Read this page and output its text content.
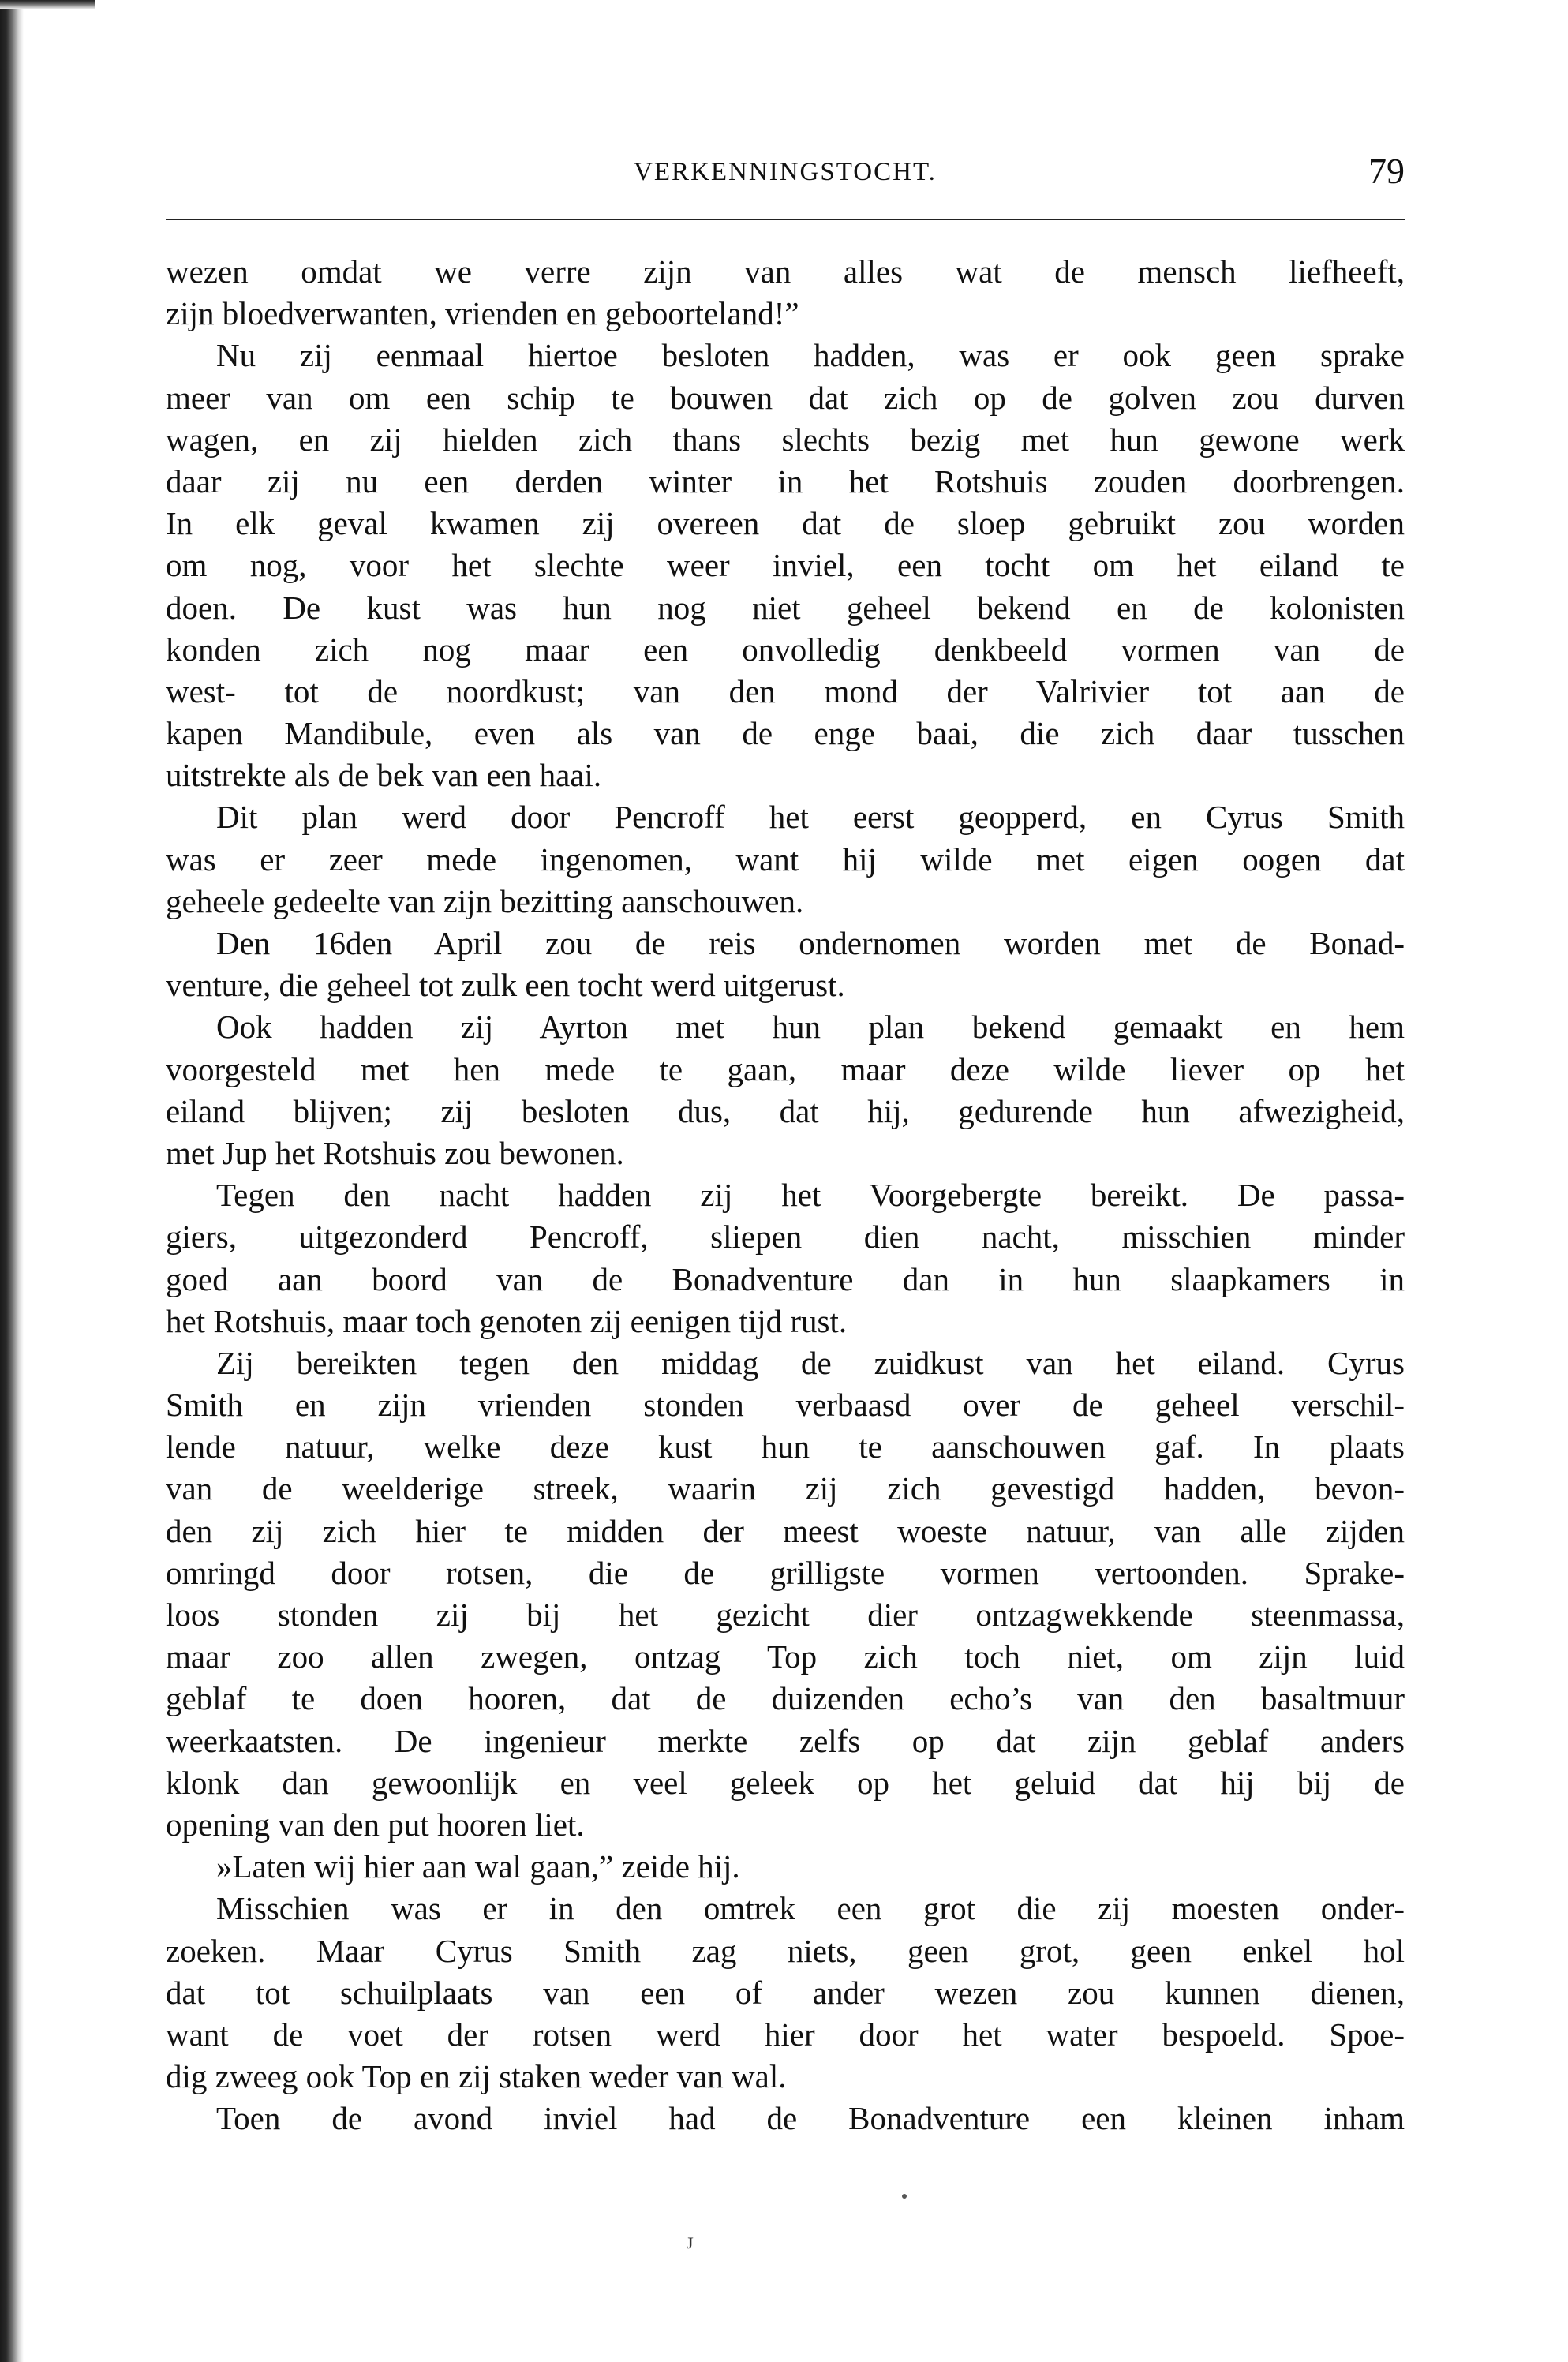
VERKENNINGSTOCHT.	79
wezen omdat we verre zijn van alles wat de mensch liefheeft,
zijn bloedverwanten, vrienden en geboorteland!”
Nu zij eenmaal hiertoe besloten hadden, was er ook geen sprake
meer van om een schip te bouwen dat zich op de golven zou durven
wagen, en zij hielden zich thans slechts bezig met hun gewone werk
daar zij nu een derden winter in het Rotshuis zouden doorbrengen.
In elk geval kwamen zij overeen dat de sloep gebruikt zou worden
om nog, voor het slechte weer inviel, een tocht om het eiland te
doen. De kust was hun nog niet geheel bekend en de kolonisten
konden zich nog maar een onvolledig denkbeeld vormen van de
west- tot de noordkust; van den mond der Valrivier tot aan de
kapen Mandibule, even als van de enge baai, die zich daar tusschen
uitstrekte als de bek van een haai.
Dit plan werd door Pencroff het eerst geopperd, en Cyrus Smith
was er zeer mede ingenomen, want hij wilde met eigen oogen dat
geheele gedeelte van zijn bezitting aanschouwen.
Den 16den April zou de reis ondernomen worden met de Bonad-
venture, die geheel tot zulk een tocht werd uitgerust.
Ook hadden zij Ayrton met hun plan bekend gemaakt en hem
voorgesteld met hen mede te gaan, maar deze wilde liever op het
eiland blijven; zij besloten dus, dat hij, gedurende hun afwezigheid,
met Jup het Rotshuis zou bewonen.
Tegen den nacht hadden zij het Voorgebergte bereikt. De passa-
giers, uitgezonderd Pencroff, sliepen dien nacht, misschien minder
goed aan boord van de Bonadventure dan in hun slaapkamers in
het Rotshuis, maar toch genoten zij eenigen tijd rust.
Zij bereikten tegen den middag de zuidkust van het eiland. Cyrus
Smith en zijn vrienden stonden verbaasd over de geheel verschil-
lende natuur, welke deze kust hun te aanschouwen gaf. In plaats
van de weelderige streek, waarin zij zich gevestigd hadden, bevon-
den zij zich hier te midden der meest woeste natuur, van alle zijden
omringd door rotsen, die de grilligste vormen vertoonden. Sprake-
loos stonden zij bij het gezicht dier ontzagwekkende steenmassa,
maar zoo allen zwegen, ontzag Top zich toch niet, om zijn luid
geblaf te doen hooren, dat de duizenden echo’s van den basaltmuur
weerkaatsten. De ingenieur merkte zelfs op dat zijn geblaf anders
klonk dan gewoonlijk en veel geleek op het geluid dat hij bij de
opening van den put hooren liet.
»Laten wij hier aan wal gaan,” zeide hij.
Misschien was er in den omtrek een grot die zij moesten onder-
zoeken. Maar Cyrus Smith zag niets, geen grot, geen enkel hol
dat tot schuilplaats van een of ander wezen zou kunnen dienen,
want de voet der rotsen werd hier door het water bespoeld. Spoe-
dig zweeg ook Top en zij staken weder van wal.
Toen de avond inviel had de Bonadventure een kleinen inham
ᴊ
